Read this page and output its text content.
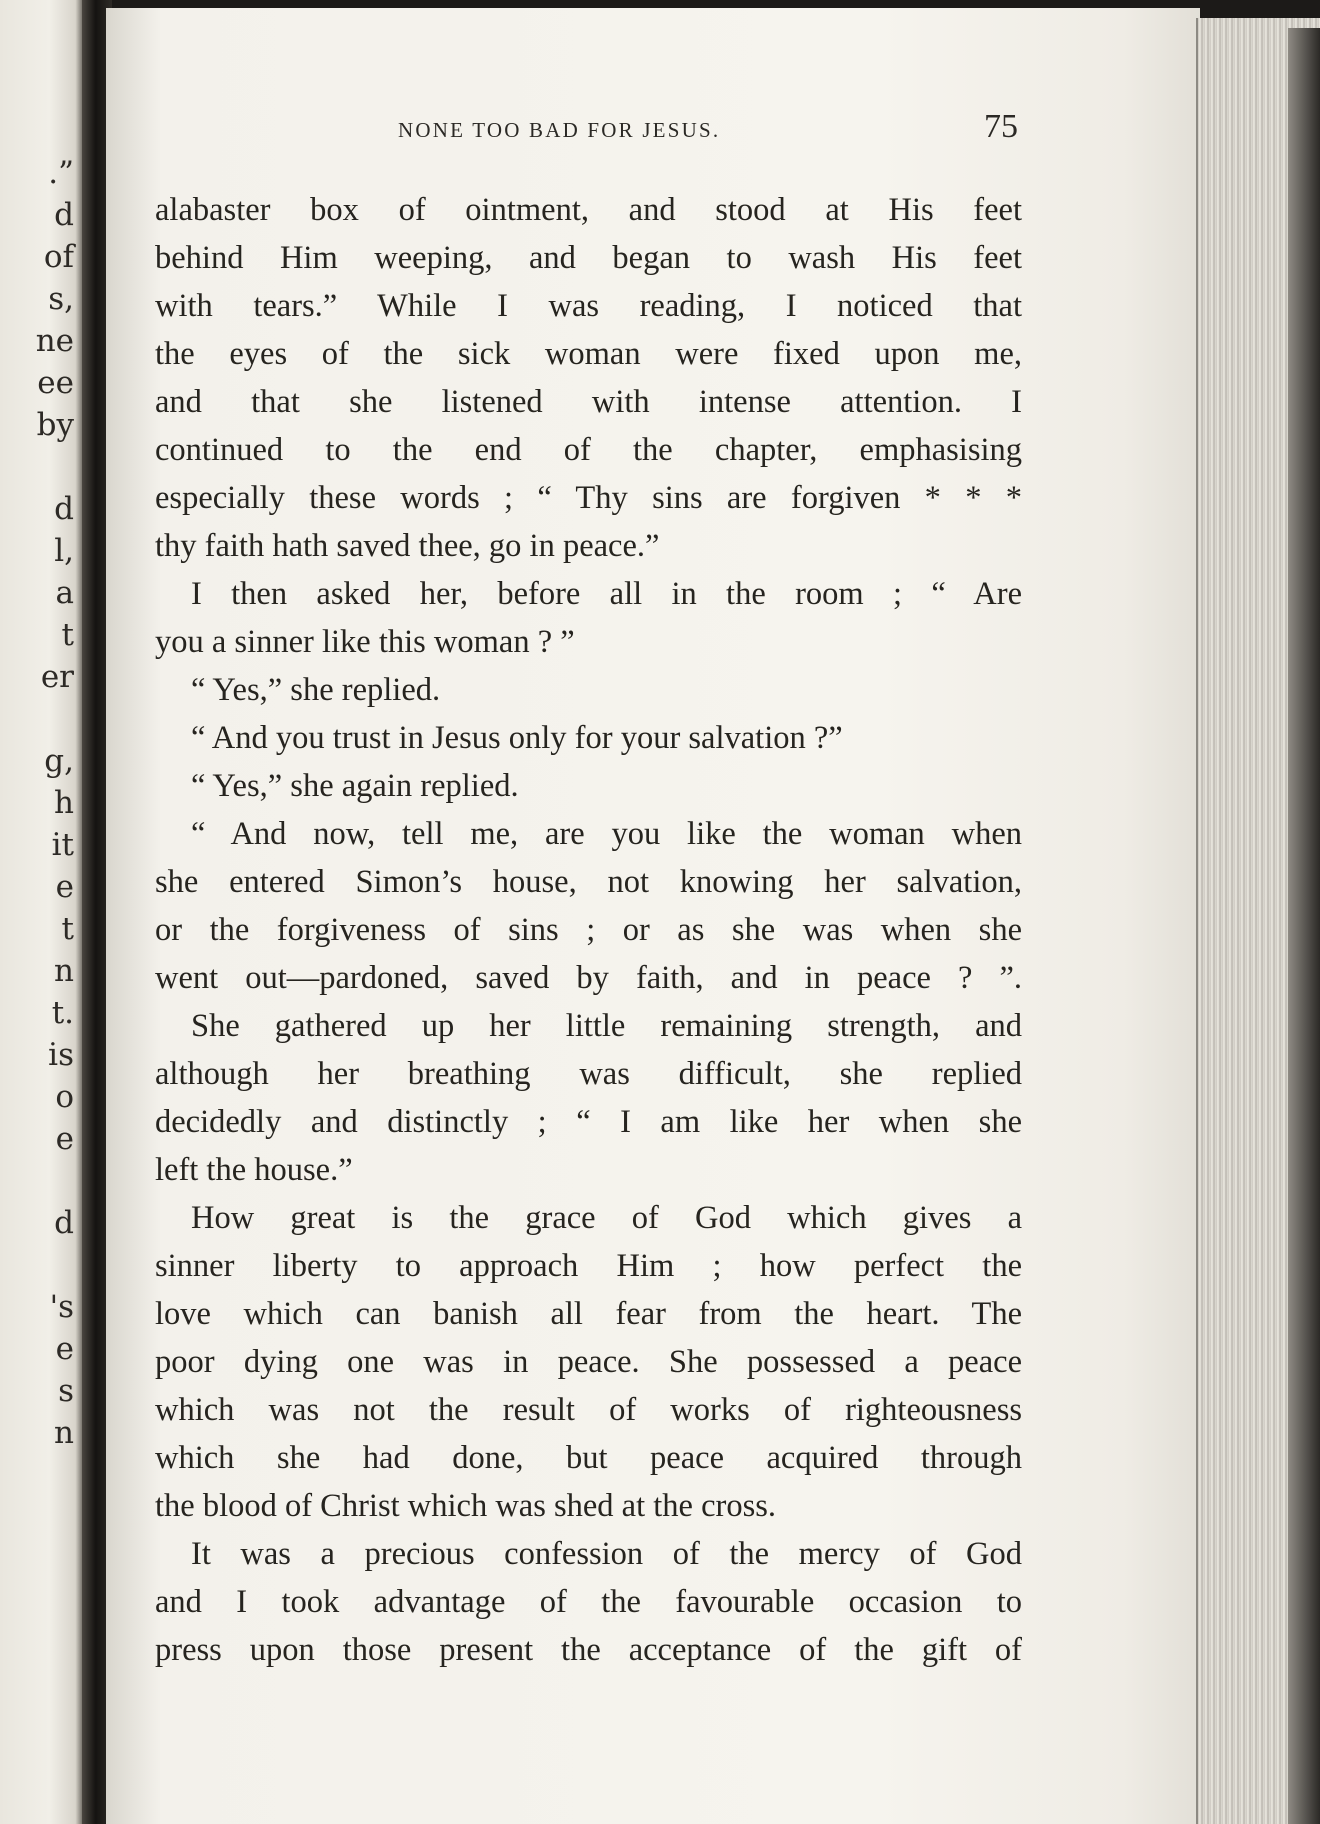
.”
d
of
s,
ne
ee
by
d
l,
a
t
er
g,
h
it
e
t
n
t.
is
o
e
d
's
e
s
n
NONE TOO BAD FOR JESUS.	75
alabaster box of ointment, and stood at His feet
behind Him weeping, and began to wash His feet
with tears.” While I was reading, I noticed that
the eyes of the sick woman were fixed upon me,
and that she listened with intense attention. I
continued to the end of the chapter, emphasising
especially these words ; “ Thy sins are forgiven * * *
thy faith hath saved thee, go in peace.”
I then asked her, before all in the room ; “ Are
you a sinner like this woman ? ”
“ Yes,” she replied.
“ And you trust in Jesus only for your salvation ?”
“ Yes,” she again replied.
“ And now, tell me, are you like the woman when
she entered Simon’s house, not knowing her salvation,
or the forgiveness of sins ; or as she was when she
went out—pardoned, saved by faith, and in peace ? ”.
She gathered up her little remaining strength, and
although her breathing was difficult, she replied
decidedly and distinctly ; “ I am like her when she
left the house.”
How great is the grace of God which gives a
sinner liberty to approach Him ; how perfect the
love which can banish all fear from the heart. The
poor dying one was in peace. She possessed a peace
which was not the result of works of righteousness
which she had done, but peace acquired through
the blood of Christ which was shed at the cross.
It was a precious confession of the mercy of God
and I took advantage of the favourable occasion to
press upon those present the acceptance of the gift of
